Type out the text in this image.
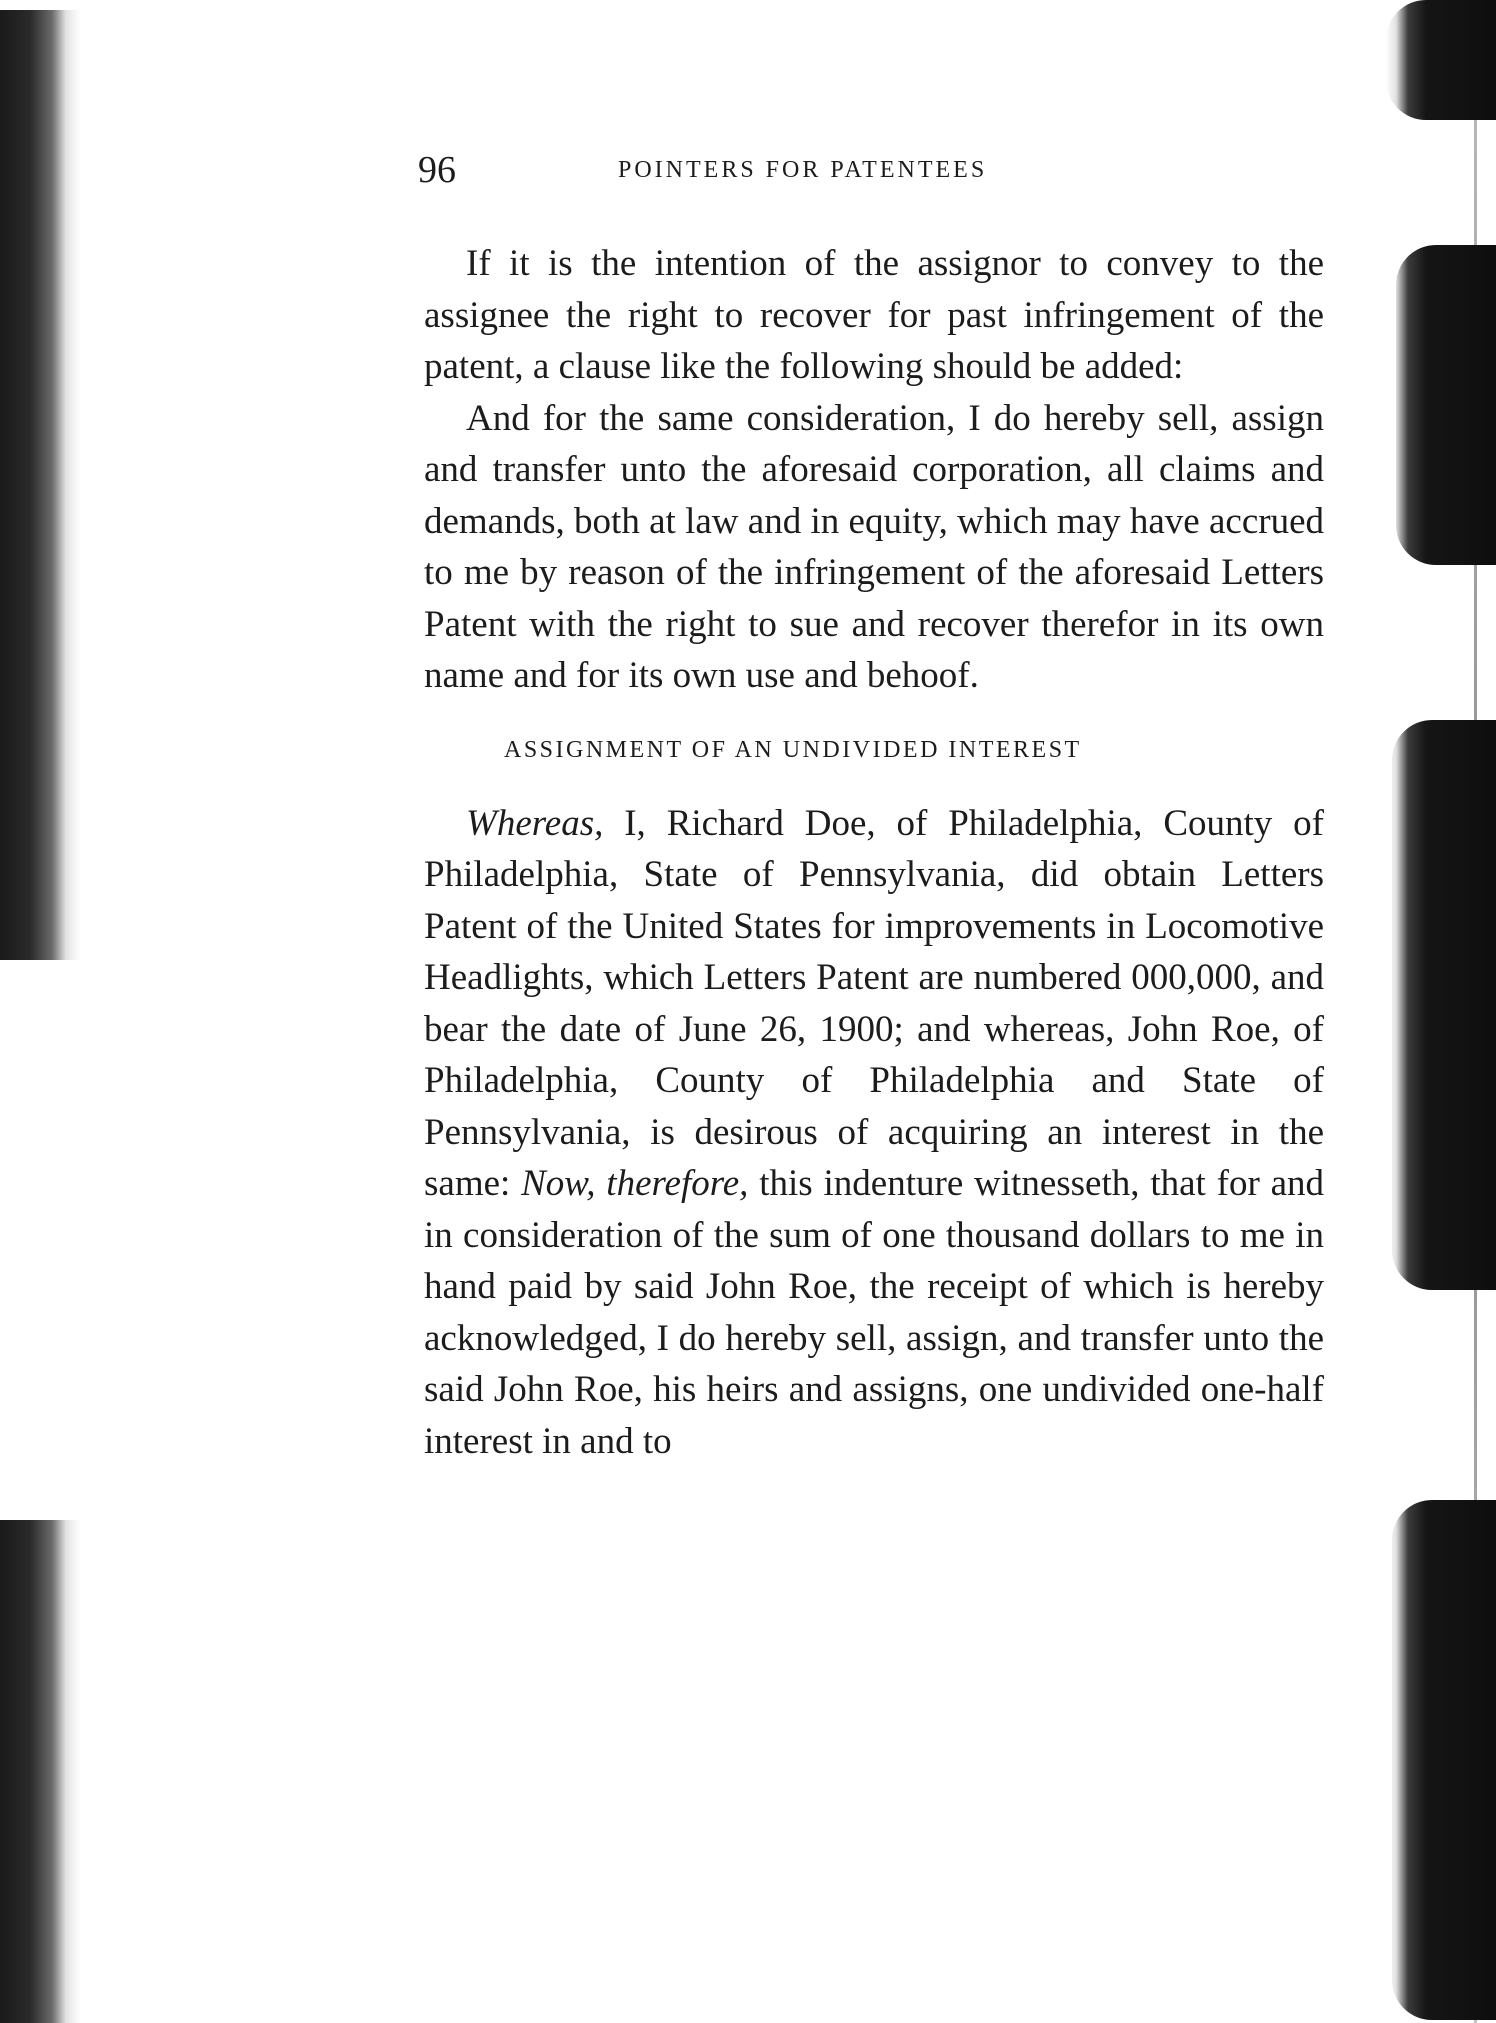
96	POINTERS FOR PATENTEES

If it is the intention of the assignor to convey to the assignee the right to recover for past infringement of the patent, a clause like the following should be added:

And for the same consideration, I do hereby sell, assign and transfer unto the aforesaid corporation, all claims and demands, both at law and in equity, which may have accrued to me by reason of the infringement of the aforesaid Letters Patent with the right to sue and recover therefor in its own name and for its own use and behoof.

ASSIGNMENT OF AN UNDIVIDED INTEREST

Whereas, I, Richard Doe, of Philadelphia, County of Philadelphia, State of Pennsylvania, did obtain Letters Patent of the United States for improvements in Locomotive Headlights, which Letters Patent are numbered 000,000, and bear the date of June 26, 1900; and whereas, John Roe, of Philadelphia, County of Philadelphia and State of Pennsylvania, is desirous of acquiring an interest in the same: Now, therefore, this indenture witnesseth, that for and in consideration of the sum of one thousand dollars to me in hand paid by said John Roe, the receipt of which is hereby acknowledged, I do hereby sell, assign, and transfer unto the said John Roe, his heirs and assigns, one undivided one-half interest in and to
